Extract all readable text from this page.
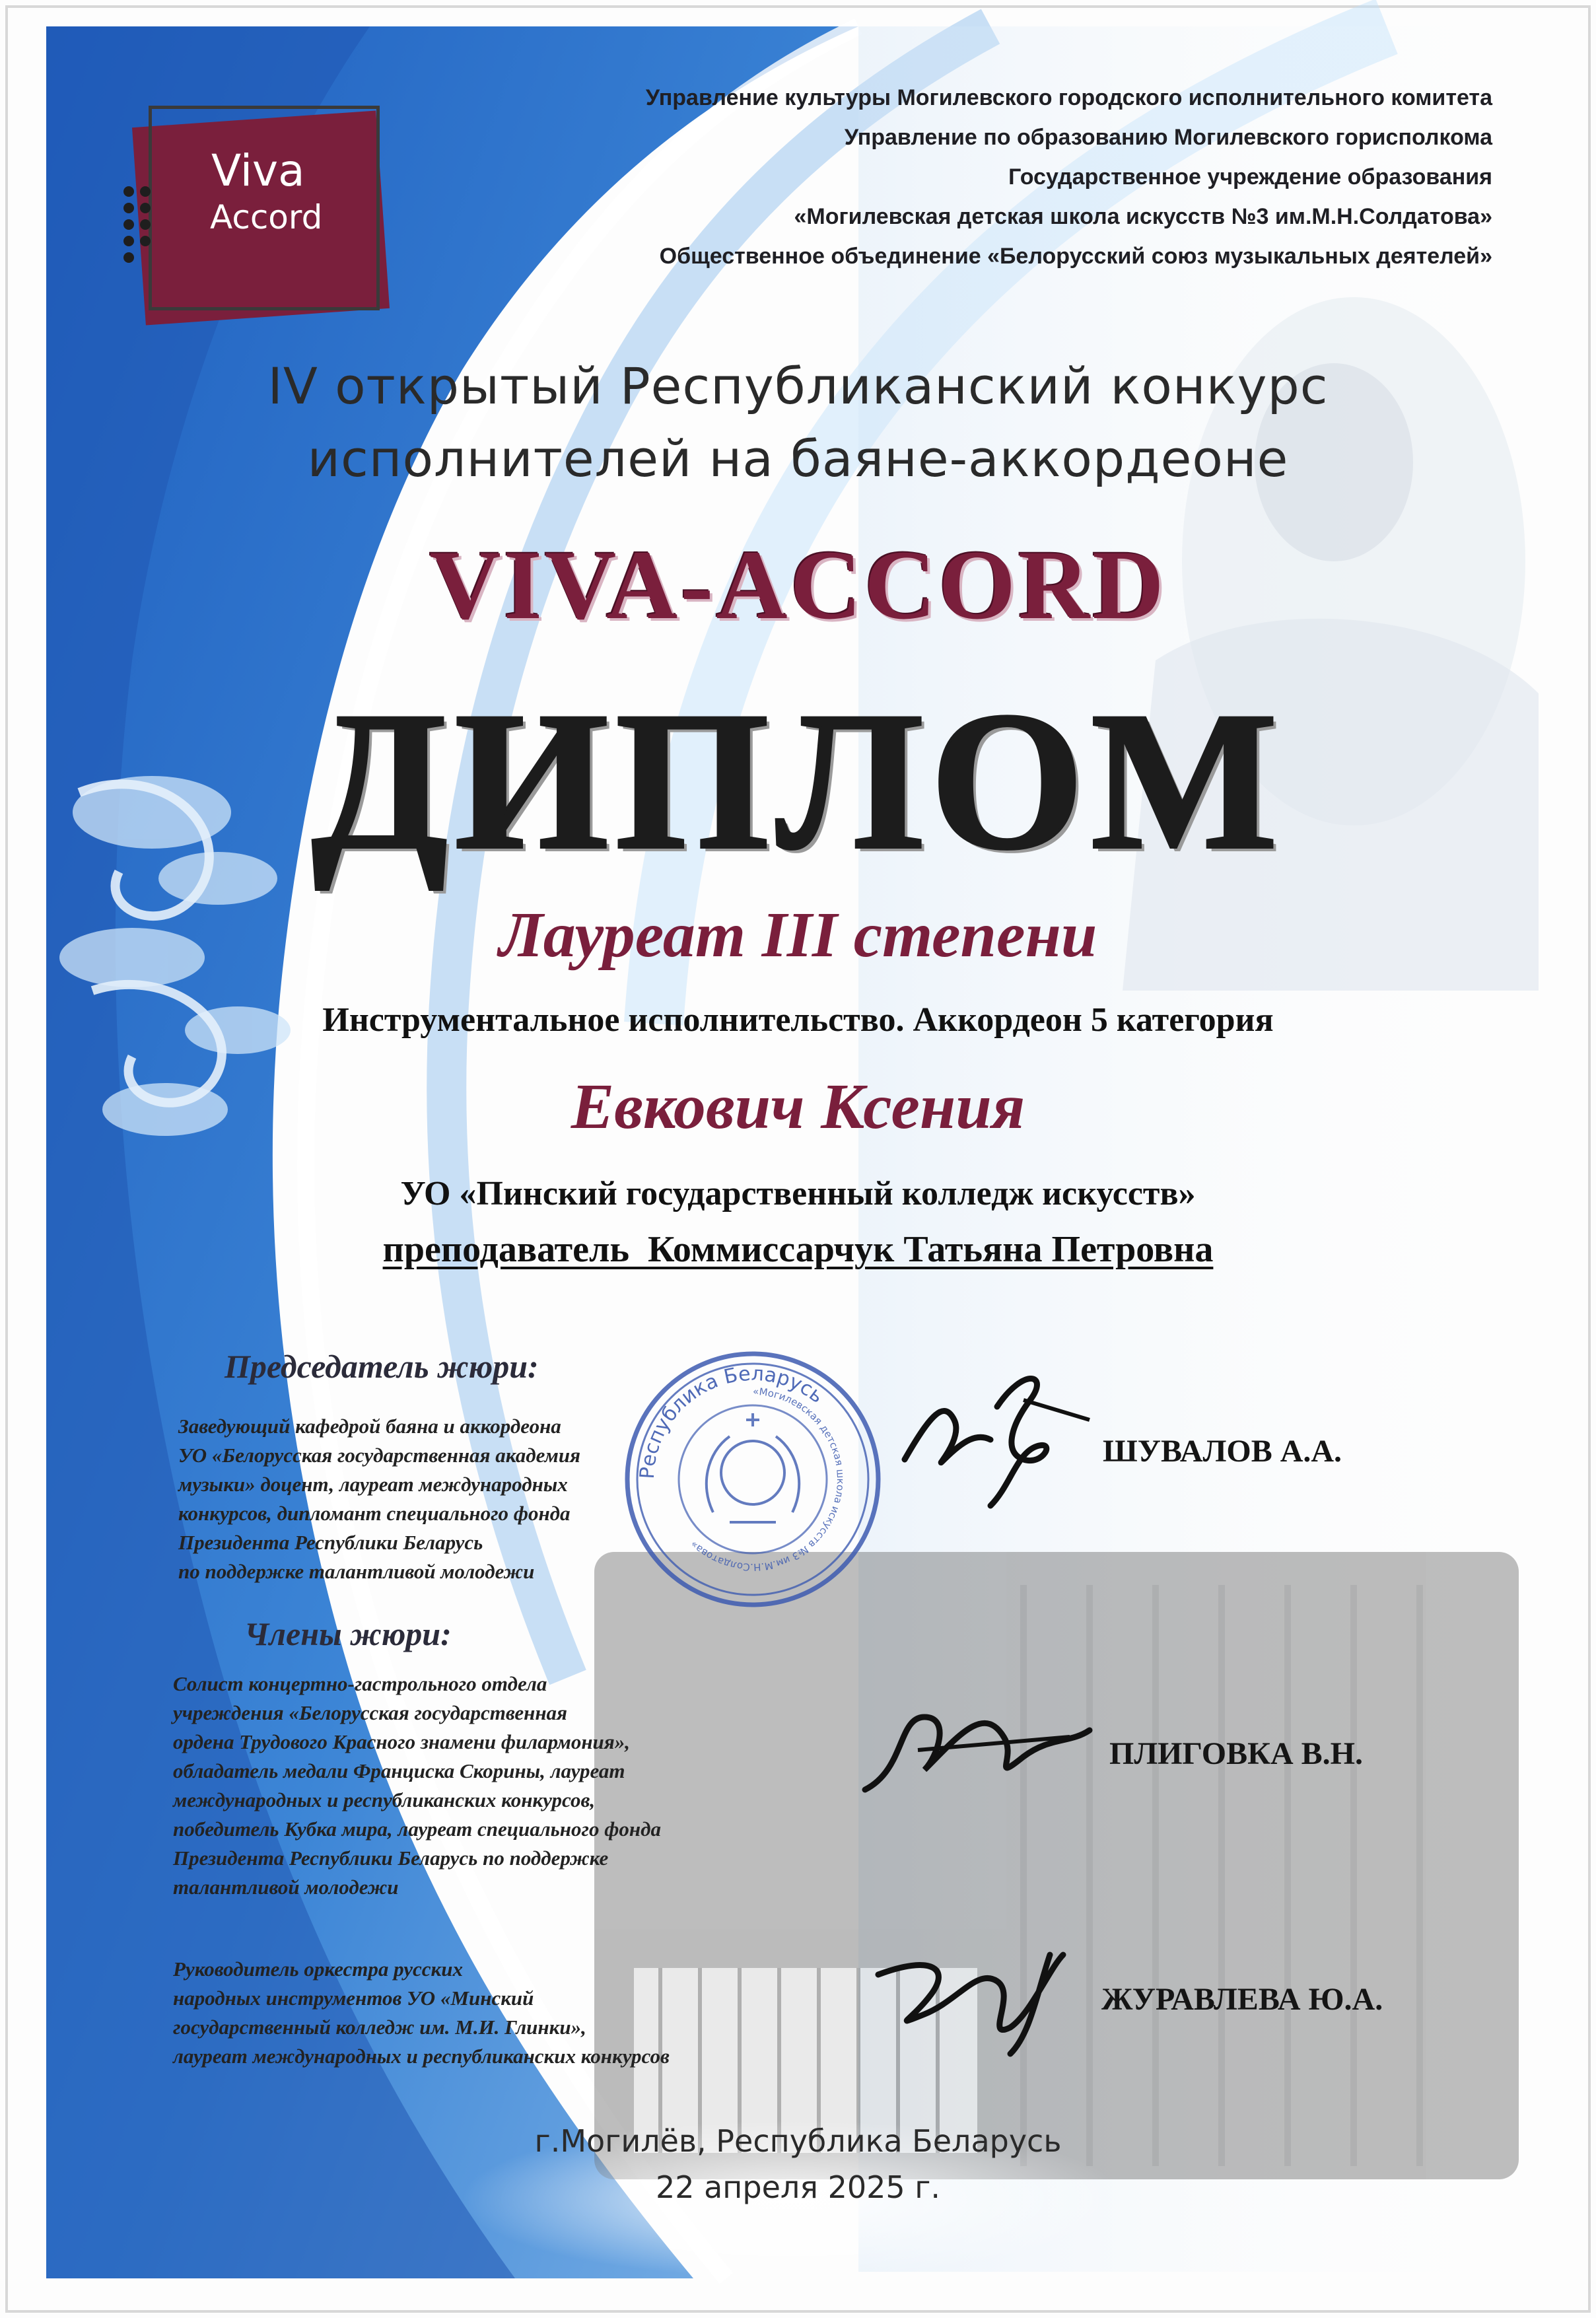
Viva
Accord
Управление культуры Могилевского городского исполнительного комитета
Управление по образованию Могилевского горисполкома
Государственное учреждение образования
«Могилевская детская школа искусств №3 им.М.Н.Солдатова»
Общественное объединение «Белорусский союз музыкальных деятелей»
IV открытый Республиканский конкурс
исполнителей на баяне-аккордеоне
VIVA-ACCORD
ДИПЛОМ
Лауреат III степени
Инструментальное исполнительство. Аккордеон 5 категория
Евкович Ксения
УО «Пинский государственный колледж искусств»
преподаватель  Коммиссарчук Татьяна Петровна
Председатель жюри:
Заведующий кафедрой баяна и аккордеона
УО «Белорусская государственная академия
музыки» доцент, лауреат международных
конкурсов, дипломант специального фонда
Президента Республики Беларусь
по поддержке талантливой молодежи
ШУВАЛОВ А.А.
Республика Беларусь
«Могилевская детская школа искусств №3 им.М.Н.Солдатова»
Члены жюри:
Солист концертно-гастрольного отдела
учреждения «Белорусская государственная
ордена Трудового Красного знамени филармония»,
обладатель медали Франциска Скорины, лауреат
международных и республиканских конкурсов,
победитель Кубка мира, лауреат специального фонда
Президента Республики Беларусь по поддержке
талантливой молодежи
ПЛИГОВКА В.Н.
Руководитель оркестра русских
народных инструментов УО «Минский
государственный колледж им. М.И. Глинки»,
лауреат международных и республиканских конкурсов
ЖУРАВЛЕВА Ю.А.
г.Могилёв, Республика Беларусь
22 апреля 2025 г.
